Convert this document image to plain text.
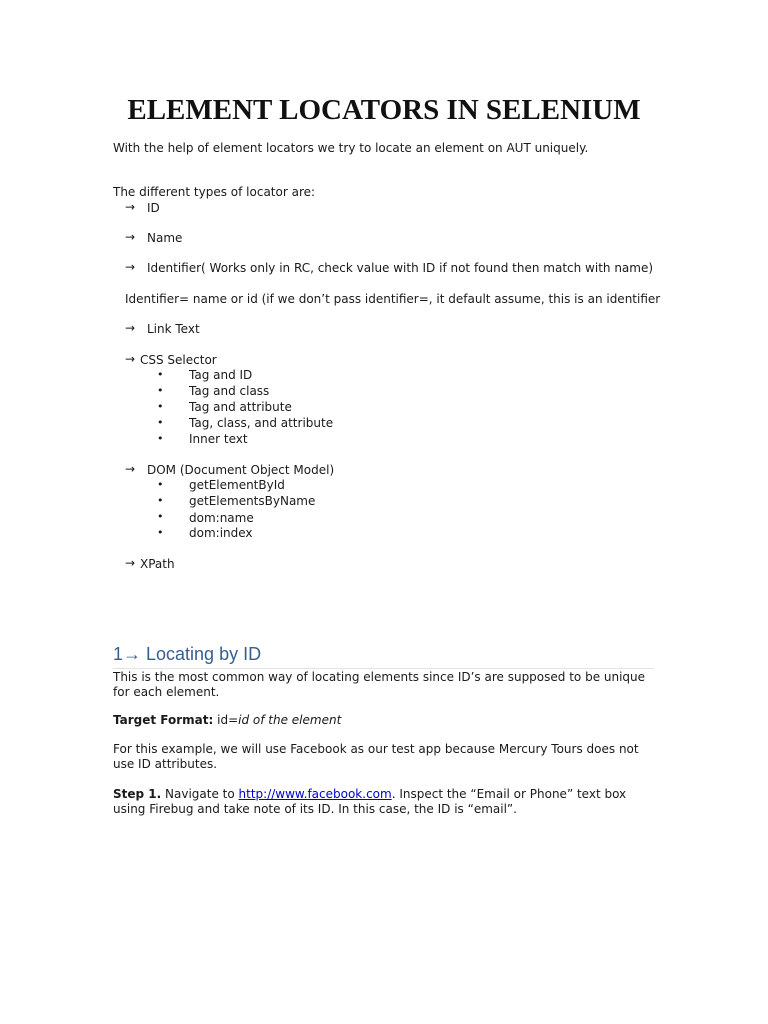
ELEMENT LOCATORS IN SELENIUM
With the help of element locators we try to locate an element on AUT uniquely.
The different types of locator are:
→ ID
→ Name
→ Identifier( Works only in RC, check value with ID if not found then match with name)
Identifier= name or id (if we don’t pass identifier=, it default assume, this is an identifier
→ Link Text
→ CSS Selector
• Tag and ID
• Tag and class
• Tag and attribute
• Tag, class, and attribute
• Inner text
→ DOM (Document Object Model)
• getElementById
• getElementsByName
• dom:name
• dom:index
→ XPath
1→ Locating by ID
This is the most common way of locating elements since ID’s are supposed to be unique for each element.
Target Format: id=id of the element
For this example, we will use Facebook as our test app because Mercury Tours does not use ID attributes.
Step 1. Navigate to http://www.facebook.com. Inspect the “Email or Phone” text box using Firebug and take note of its ID. In this case, the ID is “email”.
